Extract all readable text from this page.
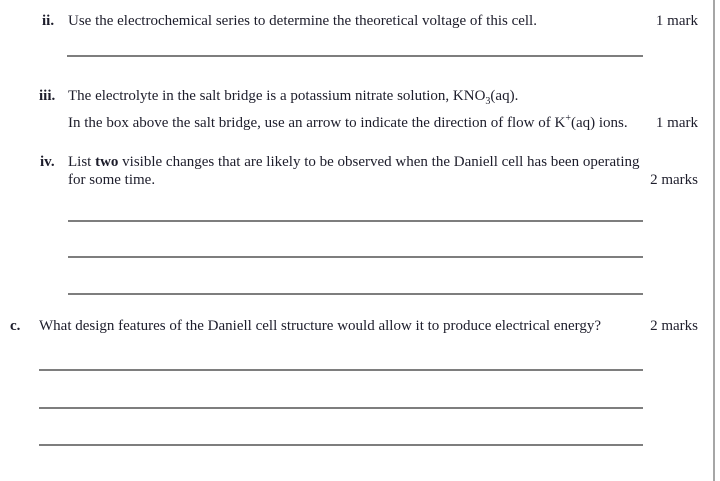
ii. Use the electrochemical series to determine the theoretical voltage of this cell.	1 mark
iii. The electrolyte in the salt bridge is a potassium nitrate solution, $KNO_3(aq)$.
In the box above the salt bridge, use an arrow to indicate the direction of flow of K+(aq) ions. 1 mark
iv. List two visible changes that are likely to be observed when the Daniell cell has been operating
for some time.	2 marks
c. What design features of the Daniell cell structure would allow it to produce electrical energy?	2 marks
